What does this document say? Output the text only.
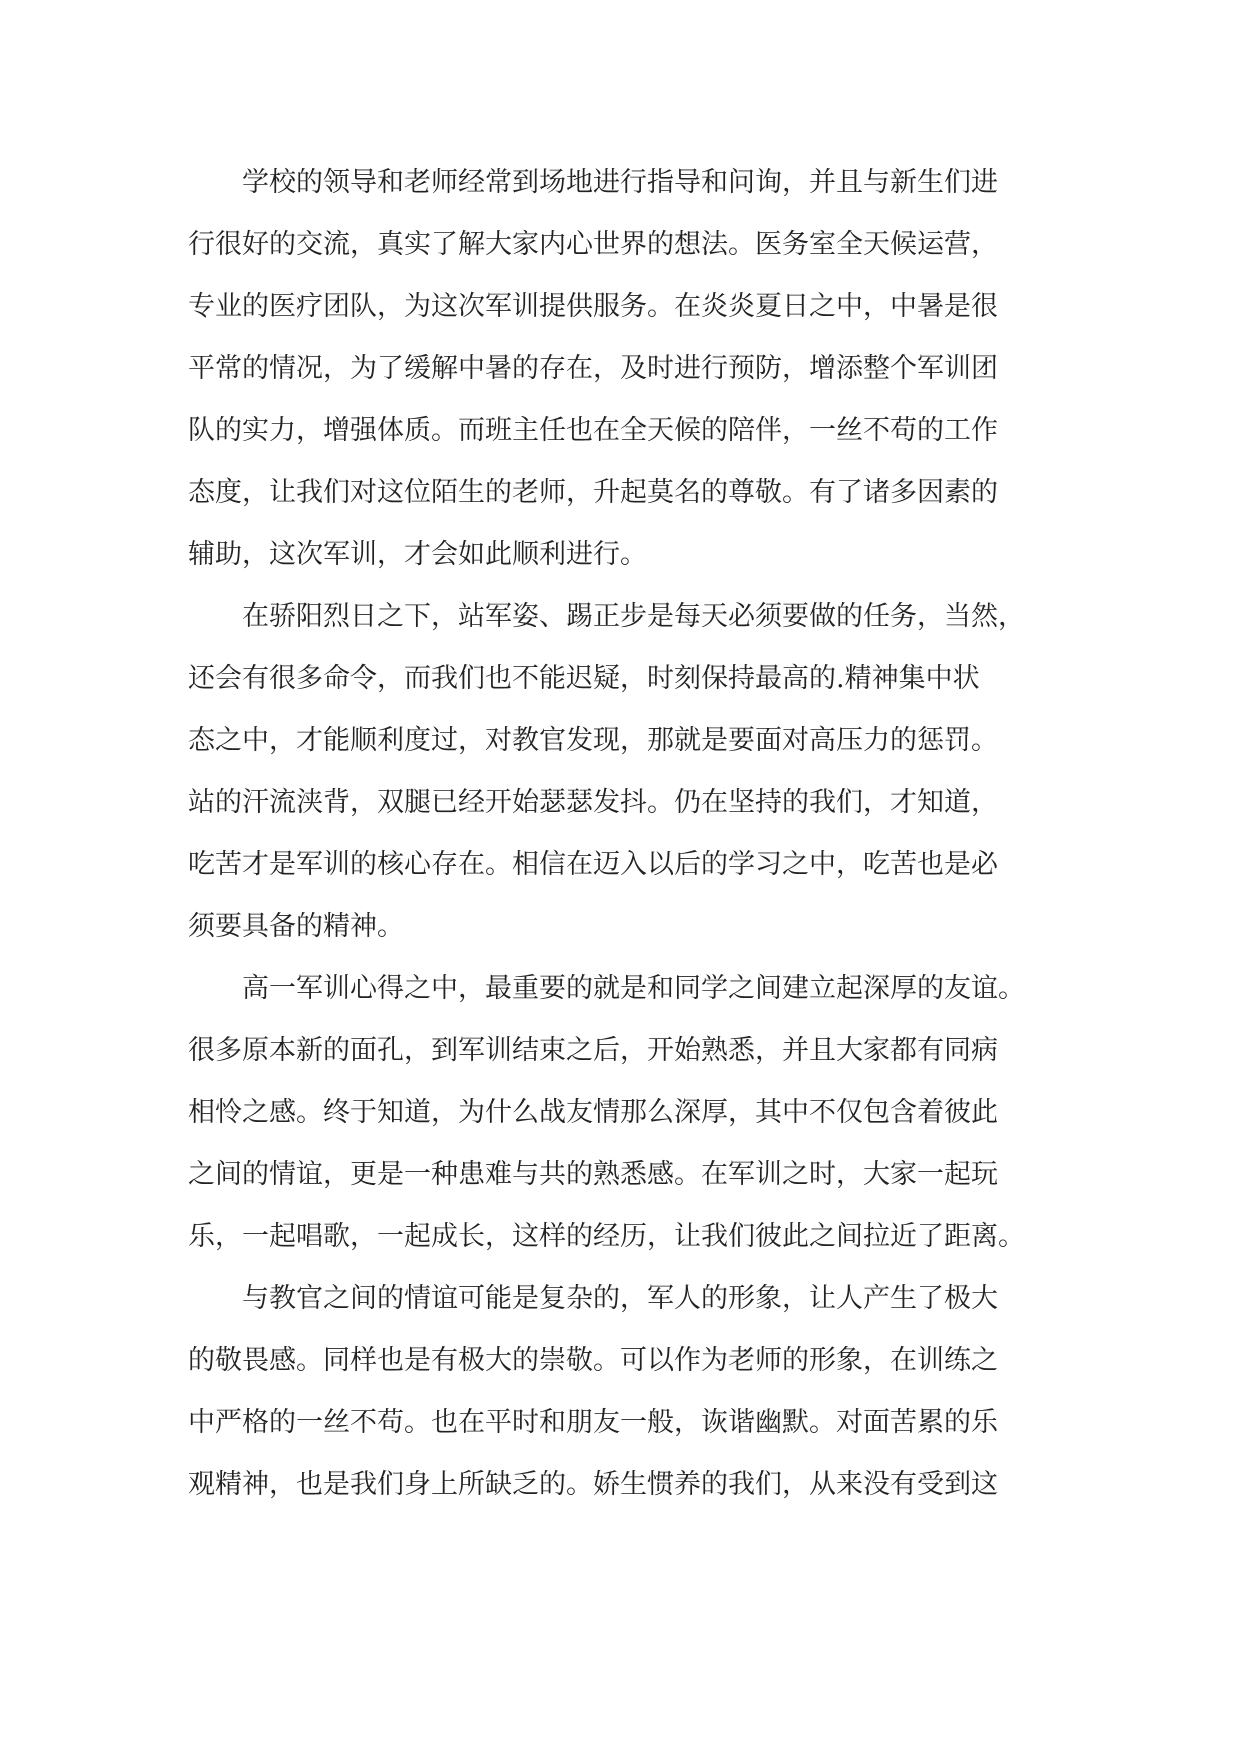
　　学校的领导和老师经常到场地进行指导和问询，并且与新生们进
行很好的交流，真实了解大家内心世界的想法。医务室全天候运营，
专业的医疗团队，为这次军训提供服务。在炎炎夏日之中，中暑是很
平常的情况，为了缓解中暑的存在，及时进行预防，增添整个军训团
队的实力，增强体质。而班主任也在全天候的陪伴，一丝不苟的工作
态度，让我们对这位陌生的老师，升起莫名的尊敬。有了诸多因素的
辅助，这次军训，才会如此顺利进行。
　　在骄阳烈日之下，站军姿、踢正步是每天必须要做的任务，当然，
还会有很多命令，而我们也不能迟疑，时刻保持最高的.精神集中状
态之中，才能顺利度过，对教官发现，那就是要面对高压力的惩罚。
站的汗流浃背，双腿已经开始瑟瑟发抖。仍在坚持的我们，才知道，
吃苦才是军训的核心存在。相信在迈入以后的学习之中，吃苦也是必
须要具备的精神。
　　高一军训心得之中，最重要的就是和同学之间建立起深厚的友谊。
很多原本新的面孔，到军训结束之后，开始熟悉，并且大家都有同病
相怜之感。终于知道，为什么战友情那么深厚，其中不仅包含着彼此
之间的情谊，更是一种患难与共的熟悉感。在军训之时，大家一起玩
乐，一起唱歌，一起成长，这样的经历，让我们彼此之间拉近了距离。
　　与教官之间的情谊可能是复杂的，军人的形象，让人产生了极大
的敬畏感。同样也是有极大的崇敬。可以作为老师的形象，在训练之
中严格的一丝不苟。也在平时和朋友一般，诙谐幽默。对面苦累的乐
观精神，也是我们身上所缺乏的。娇生惯养的我们，从来没有受到这
